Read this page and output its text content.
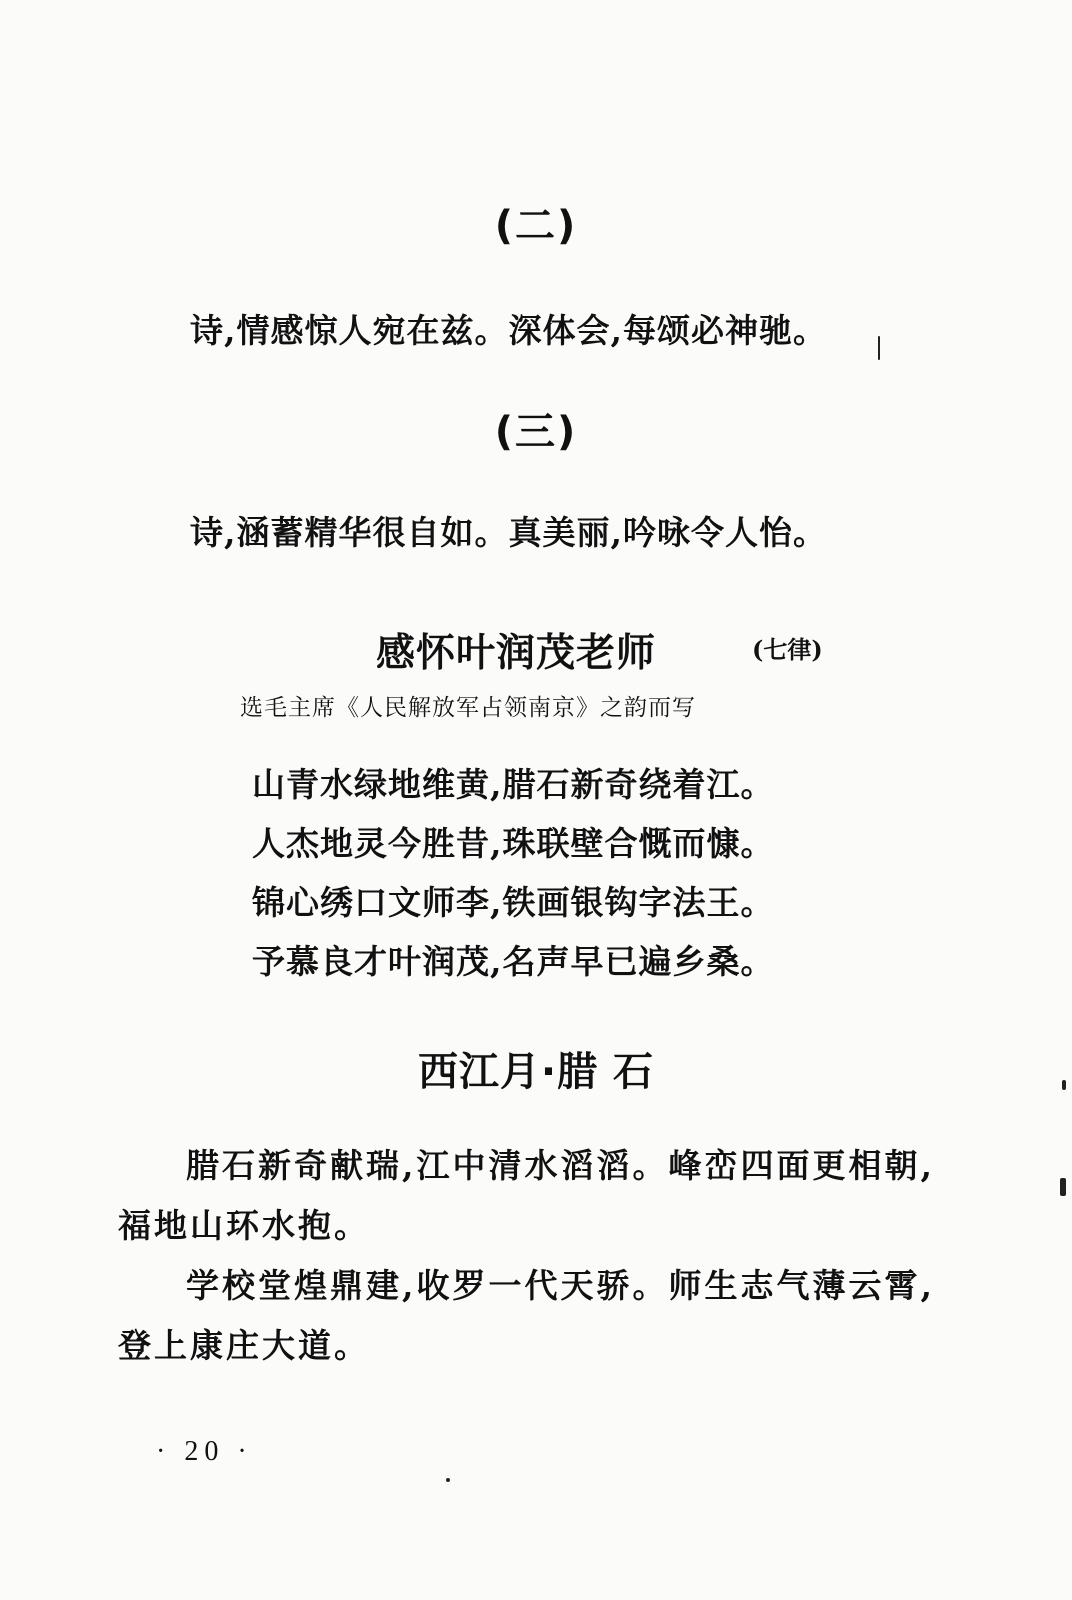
(二)
诗,情感惊人宛在兹。深体会,每颂必神驰。
(三)
诗,涵蓄精华很自如。真美丽,吟咏令人怡。
感怀叶润茂老师	(七律)
选毛主席《人民解放军占领南京》之韵而写
山青水绿地维黄,腊石新奇绕着江。
人杰地灵今胜昔,珠联壁合慨而慷。
锦心绣口文师李,铁画银钩字法王。
予慕良才叶润茂,名声早已遍乡桑。
西江月·腊 石
腊石新奇献瑞,江中清水滔滔。峰峦四面更相朝,福地山环水抱。
学校堂煌鼎建,收罗一代天骄。师生志气薄云霄,登上康庄大道。
· 20 ·
